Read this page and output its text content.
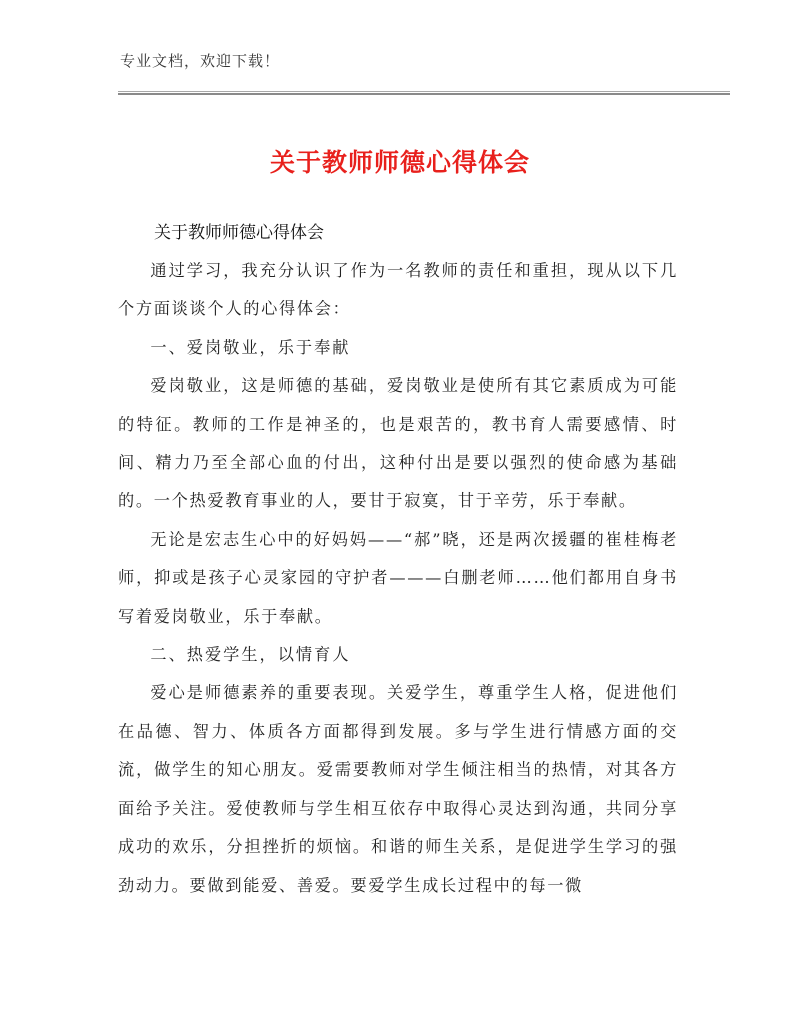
专业文档，欢迎下载！
关于教师师德心得体会

关于教师师德心得体会

通过学习，我充分认识了作为一名教师的责任和重担，现从以下几个方面谈谈个人的心得体会：

一、爱岗敬业，乐于奉献

爱岗敬业，这是师德的基础，爱岗敬业是使所有其它素质成为可能的特征。教师的工作是神圣的，也是艰苦的，教书育人需要感情、时间、精力乃至全部心血的付出，这种付出是要以强烈的使命感为基础的。一个热爱教育事业的人，要甘于寂寞，甘于辛劳，乐于奉献。

无论是宏志生心中的好妈妈——“郝”晓，还是两次援疆的崔桂梅老师，抑或是孩子心灵家园的守护者———白删老师……他们都用自身书写着爱岗敬业，乐于奉献。

二、热爱学生，以情育人

爱心是师德素养的重要表现。关爱学生，尊重学生人格，促进他们在品德、智力、体质各方面都得到发展。多与学生进行情感方面的交流，做学生的知心朋友。爱需要教师对学生倾注相当的热情，对其各方面给予关注。爱使教师与学生相互依存中取得心灵达到沟通，共同分享成功的欢乐，分担挫折的烦恼。和谐的师生关系，是促进学生学习的强劲动力。要做到能爱、善爱。要爱学生成长过程中的每一微
